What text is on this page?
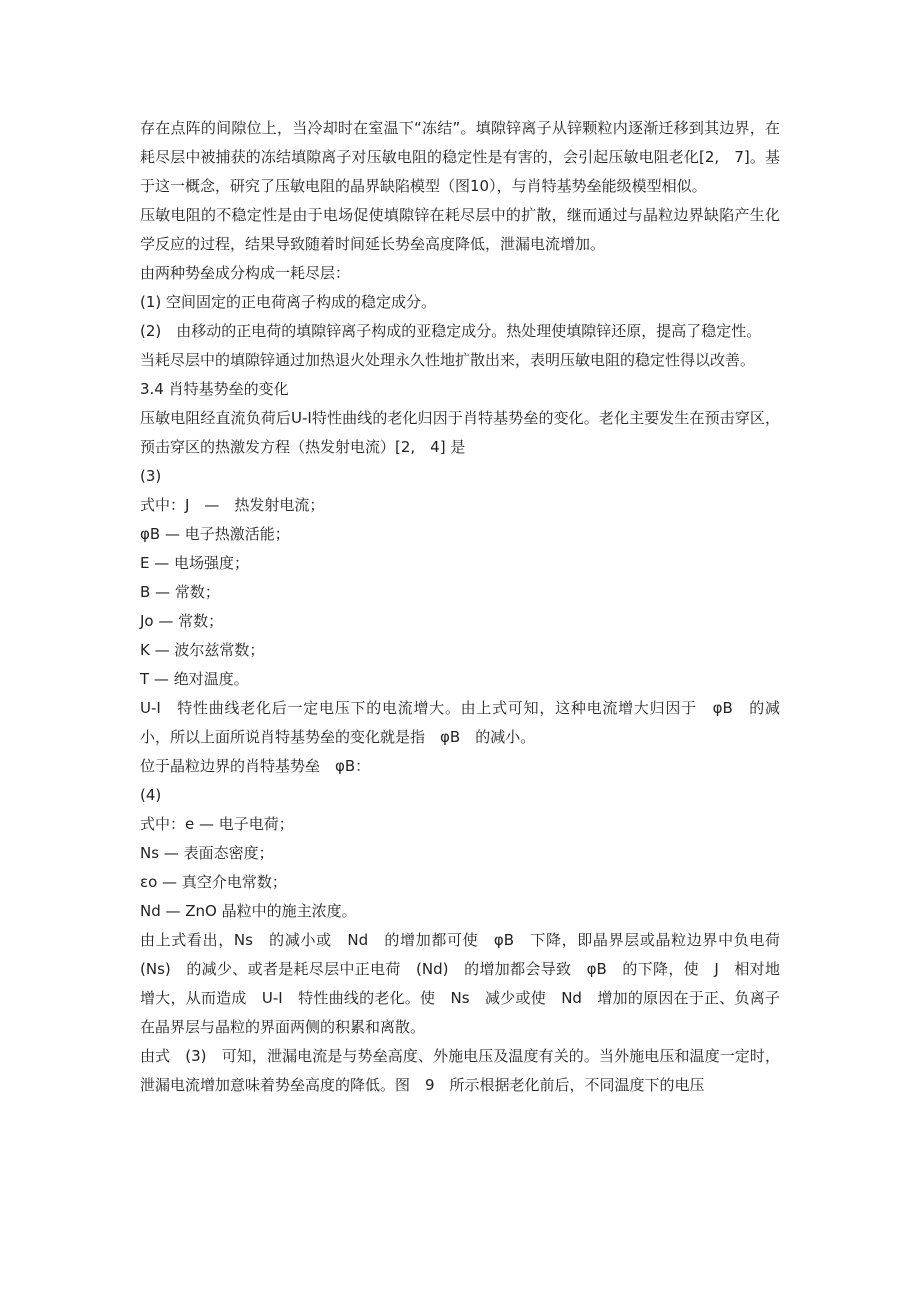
存在点阵的间隙位上，当冷却时在室温下“冻结”。填隙锌离子从锌颗粒内逐渐迁移到其边界，在耗尽层中被捕获的冻结填隙离子对压敏电阻的稳定性是有害的，会引起压敏电阻老化[2,　7]。基于这一概念，研究了压敏电阻的晶界缺陷模型（图10），与肖特基势垒能级模型相似。

压敏电阻的不稳定性是由于电场促使填隙锌在耗尽层中的扩散，继而通过与晶粒边界缺陷产生化学反应的过程，结果导致随着时间延长势垒高度降低，泄漏电流增加。

由两种势垒成分构成一耗尽层：

(1) 空间固定的正电荷离子构成的稳定成分。

(2)　由移动的正电荷的填隙锌离子构成的亚稳定成分。热处理使填隙锌还原，提高了稳定性。

当耗尽层中的填隙锌通过加热退火处理永久性地扩散出来，表明压敏电阻的稳定性得以改善。

3.4 肖特基势垒的变化

压敏电阻经直流负荷后U-I特性曲线的老化归因于肖特基势垒的变化。老化主要发生在预击穿区，预击穿区的热激发方程（热发射电流）[2,　4] 是

(3)

式中：J　—　热发射电流；

φB — 电子热激活能；

E — 电场强度；

B — 常数；

Jo — 常数；

K — 波尔兹常数；

T — 绝对温度。

U-I　特性曲线老化后一定电压下的电流增大。由上式可知，这种电流增大归因于　φB　的减小，所以上面所说肖特基势垒的变化就是指　φB　的减小。

位于晶粒边界的肖特基势垒　φB：

(4)

式中：e — 电子电荷；

Ns — 表面态密度；

εo — 真空介电常数；

Nd — ZnO 晶粒中的施主浓度。

由上式看出，Ns　的减小或　Nd　的增加都可使　φB　下降，即晶界层或晶粒边界中负电荷(Ns)　的减少、或者是耗尽层中正电荷　(Nd)　的增加都会导致　φB　的下降，使　J　相对地增大，从而造成　U-I　特性曲线的老化。使　Ns　减少或使　Nd　增加的原因在于正、负离子在晶界层与晶粒的界面两侧的积累和离散。

由式　(3)　可知，泄漏电流是与势垒高度、外施电压及温度有关的。当外施电压和温度一定时，泄漏电流增加意味着势垒高度的降低。图　9　所示根据老化前后，不同温度下的电压
